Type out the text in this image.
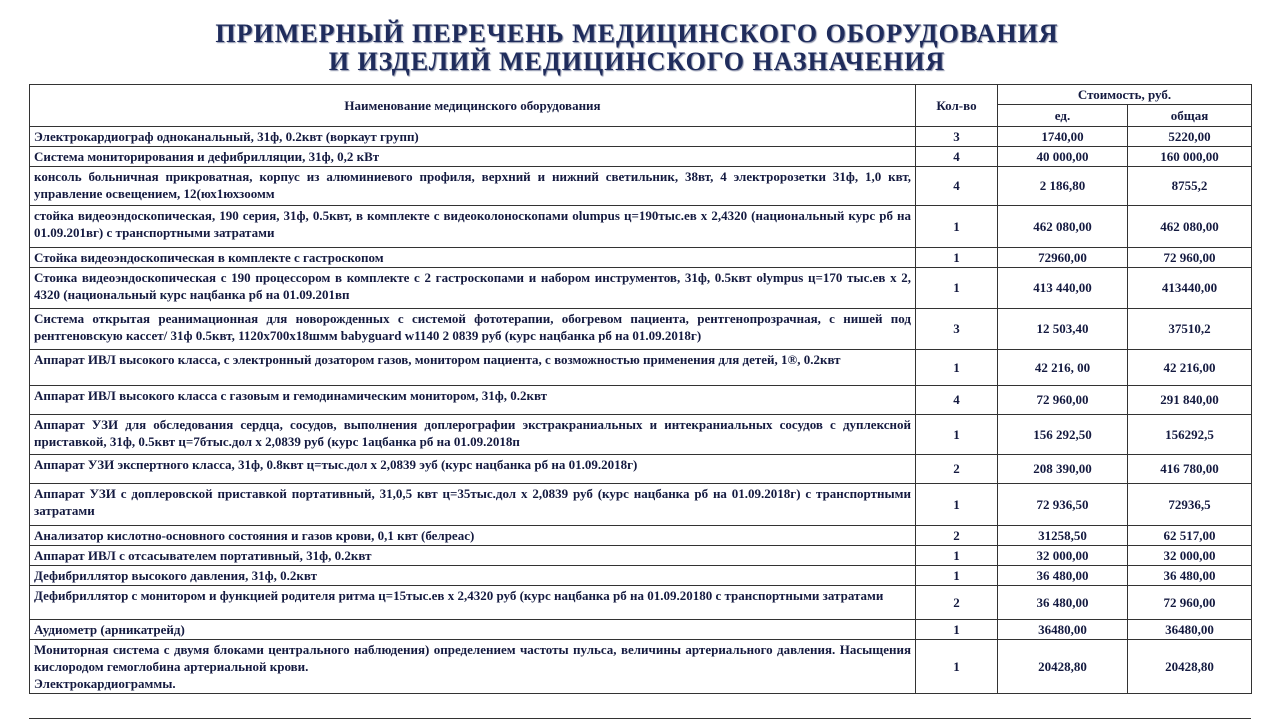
ПРИМЕРНЫЙ ПЕРЕЧЕНЬ МЕДИЦИНСКОГО ОБОРУДОВАНИЯ
И ИЗДЕЛИЙ МЕДИЦИНСКОГО НАЗНАЧЕНИЯ
Наименование медицинского оборудования	Кол-во	Стоимость, руб.	
		ед.	общая
Электрокардиограф одноканальный, 31ф, 0.2квт (воркаут групп)	3	1740,00	5220,00
Система мониторирования и дефибрилляции, 31ф, 0,2 кВт	4	40 000,00	160 000,00
консоль больничная прикроватная, корпус из алюминиевого профиля, верхний и нижний светильник, 38вт, 4 электророзетки 31ф, 1,0 квт, управление освещением, 12(юх1юхзоомм	4	2 186,80	8755,2
стойка видеоэндоскопическая, 190 серия, 31ф, 0.5квт, в комплекте с видеоколоноскопами olumpus ц=190тыс.ев х 2,4320 (национальный курс рб на 01.09.201вг) с транспортными затратами	1	462 080,00	462 080,00
Стойка видеоэндоскопическая в комплекте с гастроскопом	1	72960,00	72 960,00
Стоика видеоэндоскопическая с 190 процессором в комплекте с 2 гастроскопами и набором инструментов, 31ф, 0.5квт olympus ц=170 тыс.ев х 2, 4320 (национальный курс нацбанка рб на 01.09.201вп	1	413 440,00	413440,00
Система открытая реанимационная для новорожденных с системой фототерапии, обогревом пациента, рентгенопрозрачная, с нишей под рентгеновскую кассет/ 31ф 0.5квт, 1120х700х18шмм babyguard w1140 2 0839 руб (курс нацбанка рб на 01.09.2018г)	3	12 503,40	37510,2
Аппарат ИВЛ высокого класса, с электронный дозатором газов, монитором пациента, с возможностью применения для детей, 1®, 0.2квт	1	42 216, 00	42 216,00
Аппарат ИВЛ высокого класса с газовым и гемодинамическим монитором, 31ф, 0.2квт	4	72 960,00	291 840,00
Аппарат УЗИ для обследования сердца, сосудов, выполнения доплерографии экстракраниальных и интекраниальных сосудов с дуплексной приставкой, 31ф, 0.5квт ц=7бтыс.дол х 2,0839 руб (курс 1ацбанка рб на 01.09.2018п	1	156 292,50	156292,5
Аппарат УЗИ экспертного класса, 31ф, 0.8квт ц=тыс.дол х 2,0839 эуб (курс нацбанка рб на 01.09.2018г)	2	208 390,00	416 780,00
Аппарат УЗИ с доплеровской приставкой портативный, 31,0,5 квт ц=35тыс.дол х 2,0839 руб (курс нацбанка рб на 01.09.2018г) с транспортными затратами	1	72 936,50	72936,5
Анализатор кислотно-основного состояния и газов крови, 0,1 квт (белреас)	2	31258,50	62 517,00
Аппарат ИВЛ с отсасывателем портативный, 31ф, 0.2квт	1	32 000,00	32 000,00
Дефибриллятор высокого давления, 31ф, 0.2квт	1	36 480,00	36 480,00
Дефибриллятор с монитором и функцией родителя ритма ц=15тыс.ев х 2,4320 руб (курс нацбанка рб на 01.09.20180 с транспортными затратами	2	36 480,00	72 960,00
Аудиометр (арникатрейд)	1	36480,00	36480,00
Мониторная система с двумя блоками центрального наблюдения) определением частоты пульса, величины артериального давления. Насыщения кислородом гемоглобина артериальной крови.
Электрокардиограммы.	1	20428,80	20428,80
